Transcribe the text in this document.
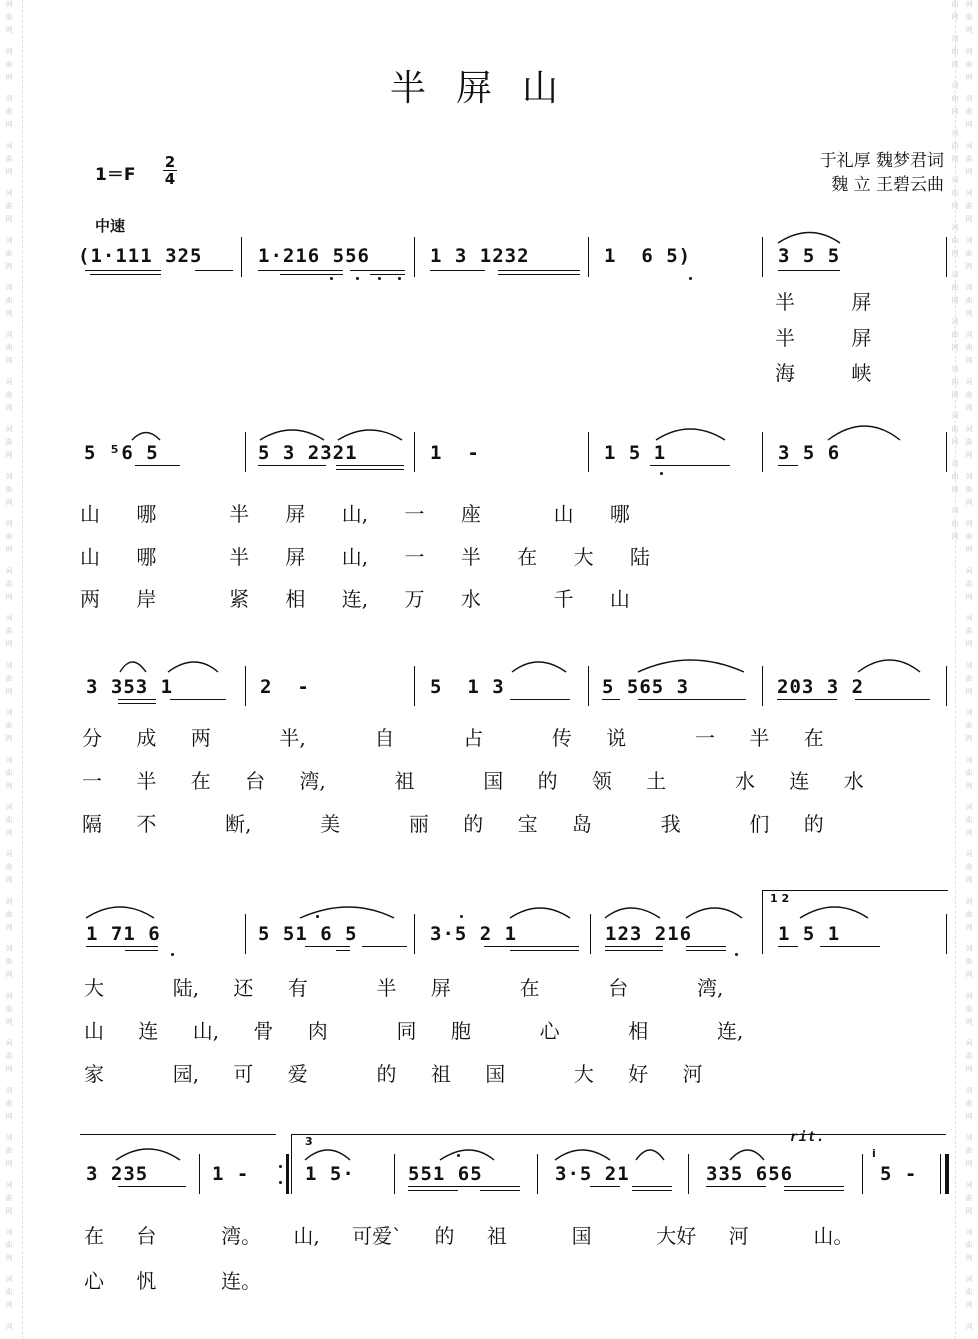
词曲网 词曲网 词曲网 词曲网 词曲网 词曲网 词曲网 词曲网 词曲网 词曲网 词曲网 词曲网 词曲网 词曲网 词曲网 词曲网 词曲网 词曲网 词曲网 词曲网 词曲网 词曲网 词曲网 词曲网 词曲网 词曲网 词曲网 词曲网 词	词曲网 词曲网 词曲网 词曲网 词曲网 词曲网 词曲网 词曲网 词曲网 词曲网 词曲网 词曲网 词曲网 词曲网 词曲网 词曲网 词曲网 词曲网 词曲网 词曲网 词曲网 词曲网 词曲网 词曲网 词曲网 词曲网 词曲网 词曲网 词曲网 词曲网 词曲网 词曲网 词曲网 词曲网 词曲网 词曲网 词曲网 词曲网 词曲网 词曲网
半屏山
于礼厚 魏梦君词
魏 立 王碧云曲
1＝F
2
4
中速
(1·111 325	1·216 556	1 3 1232	1  6 5)	3 5 5
半 屏
半 屏
海 峡
5 ⁵6 5	5 3 2321	1  -	1 5 1	3 5 6
山 哪  半 屏 山, 一 座  山 哪
山 哪  半 屏 山, 一 半 在 大 陆
两 岸  紧 相 连, 万 水  千 山
3 353 1	2  -	5  1 3	5 565 3	203 3 2
分 成 两  半,  自  占  传 说  一 半 在
一 半 在 台 湾,  祖  国 的 领 土  水 连 水
隔 不  断,  美  丽 的 宝 岛  我  们 的
1 71 6	5 51 6 5	3·5 2 1	123 216
1 2
1 5 1
大  陆, 还 有  半 屏  在  台  湾,
山 连 山, 骨 肉  同 胞  心  相  连,
家  园, 可 爱  的 祖 国  大 好 河
3 235	1 -
3
1 5·	551 65	3·5 21	335 656	5 -
i
rit.
在 台  湾。 山, 可爱` 的 祖  国  大好 河  山。
心 忛  连。
